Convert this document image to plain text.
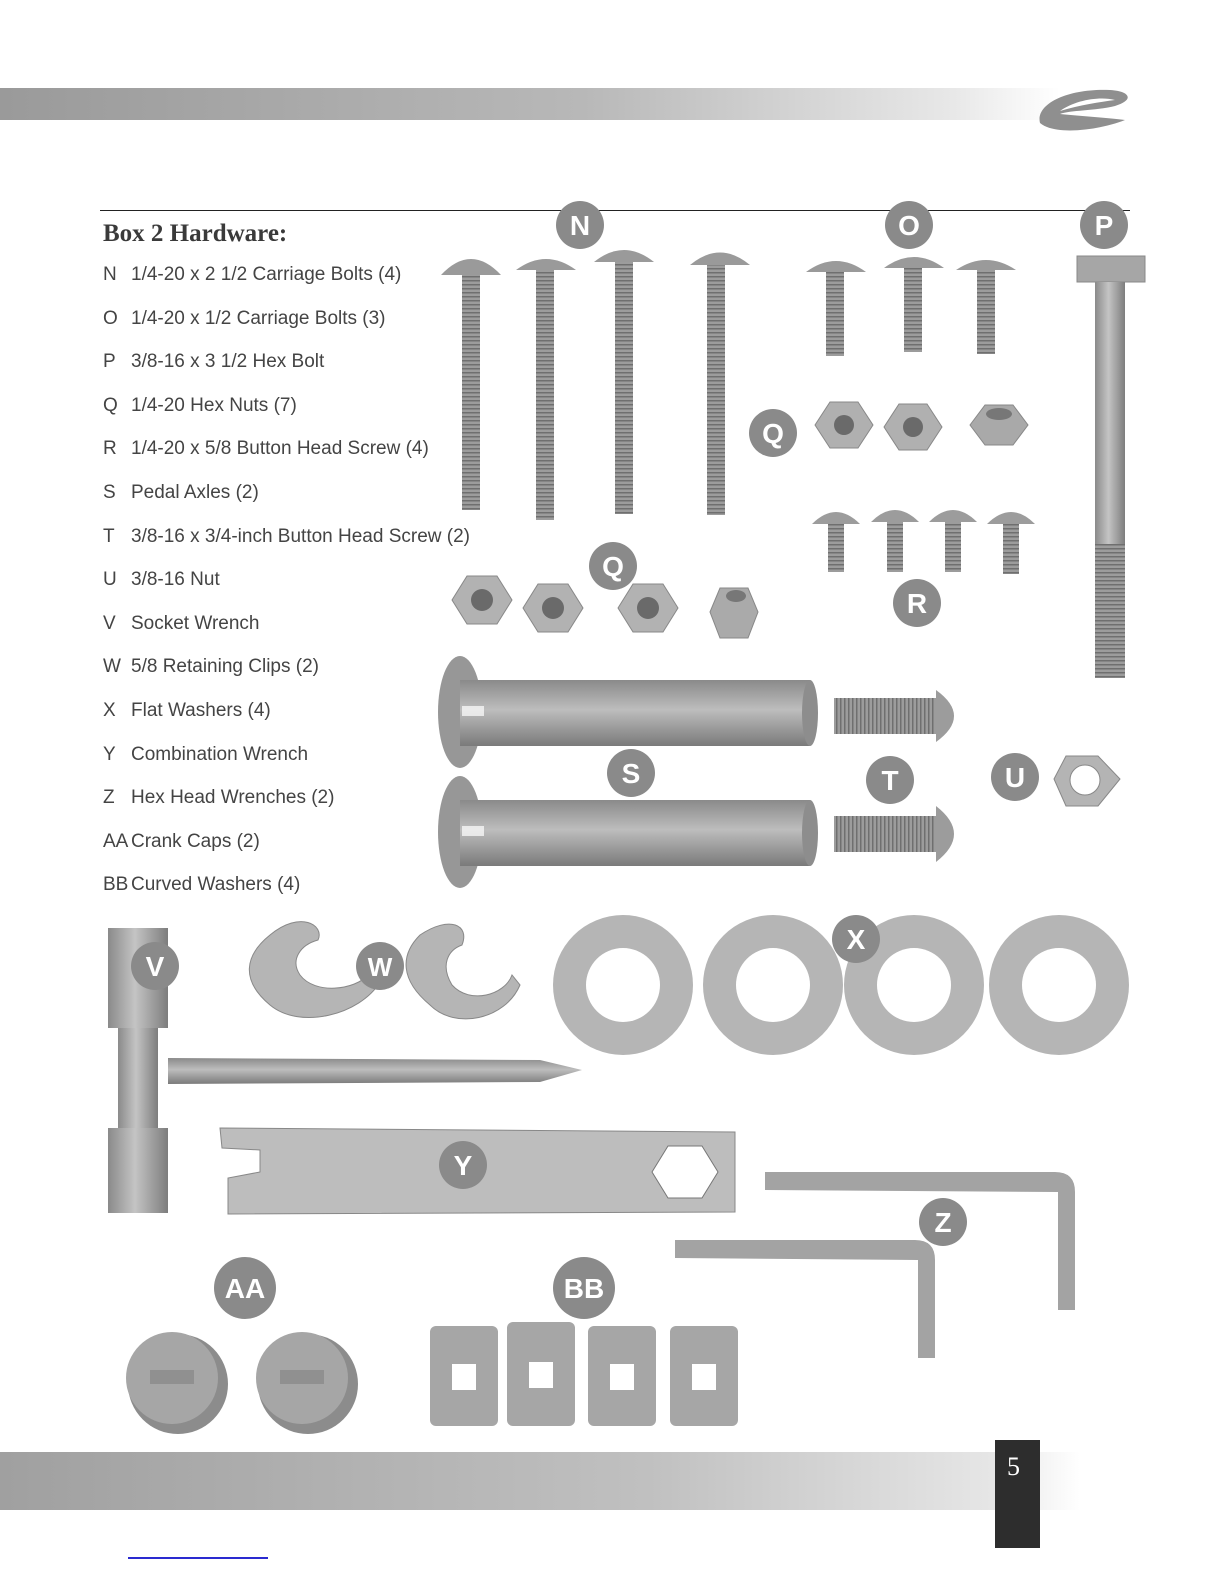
Box 2 Hardware:
N 1/4-20 x 2 1/2 Carriage Bolts (4)
O 1/4-20 x 1/2 Carriage Bolts (3)
P 3/8-16 x 3 1/2 Hex Bolt
Q 1/4-20 Hex Nuts (7)
R 1/4-20 x 5/8 Button Head Screw (4)
S Pedal Axles (2)
T 3/8-16 x 3/4-inch Button Head Screw (2)
U 3/8-16 Nut
V Socket Wrench
W 5/8 Retaining Clips (2)
X Flat Washers (4)
Y Combination Wrench
Z Hex Head Wrenches (2)
AA Crank Caps (2)
BB Curved Washers (4)
N	O	P
Q
Q
R
S	T	U
V	W
X
Y
Z
AA	BB
5
